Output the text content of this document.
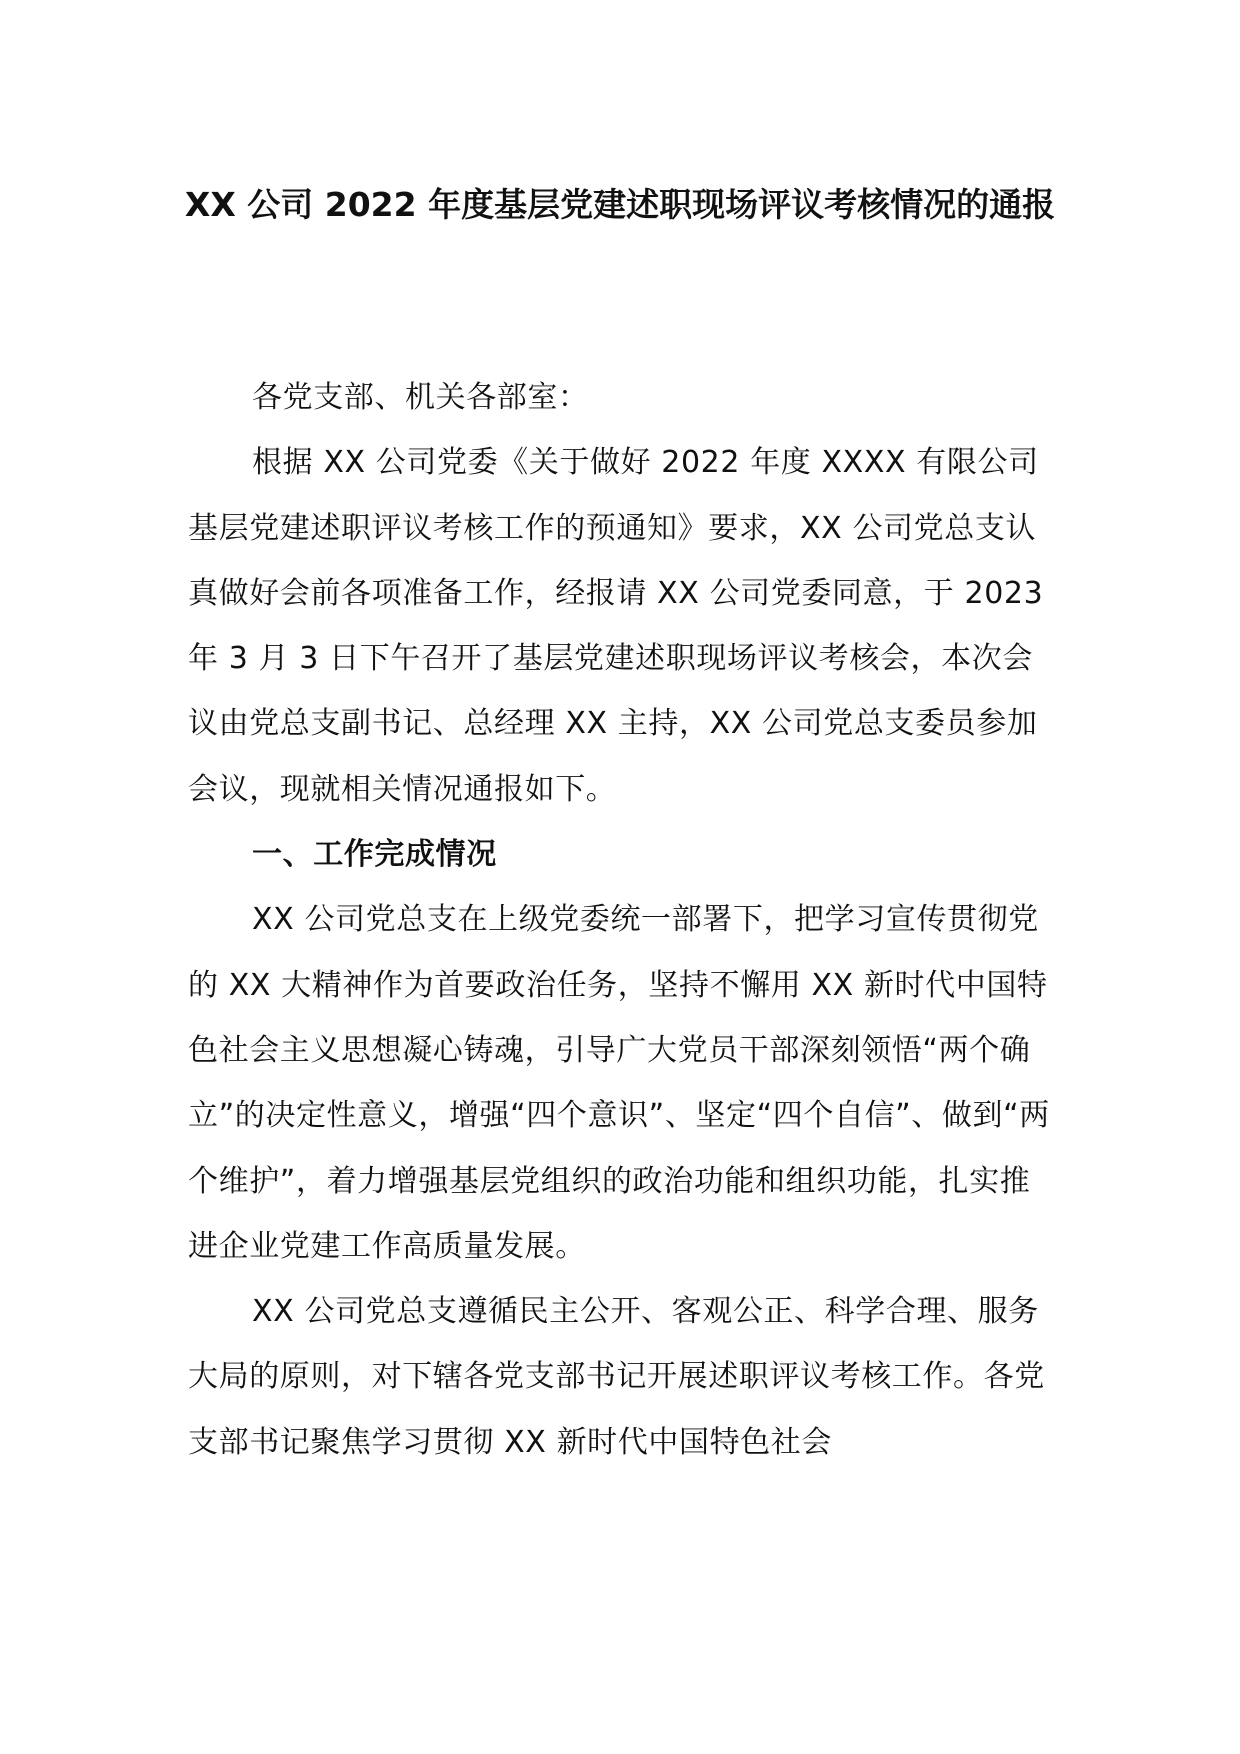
XX 公司 2022 年度基层党建述职现场评议考核情况的通报

各党支部、机关各部室：

根据 XX 公司党委《关于做好 2022 年度 XXXX 有限公司基层党建述职评议考核工作的预通知》要求，XX 公司党总支认真做好会前各项准备工作，经报请 XX 公司党委同意，于 2023 年 3 月 3 日下午召开了基层党建述职现场评议考核会，本次会议由党总支副书记、总经理 XX 主持，XX 公司党总支委员参加会议，现就相关情况通报如下。

一、工作完成情况

XX 公司党总支在上级党委统一部署下，把学习宣传贯彻党的 XX 大精神作为首要政治任务，坚持不懈用 XX 新时代中国特色社会主义思想凝心铸魂，引导广大党员干部深刻领悟“两个确立”的决定性意义，增强“四个意识”、坚定“四个自信”、做到“两个维护”，着力增强基层党组织的政治功能和组织功能，扎实推进企业党建工作高质量发展。

XX 公司党总支遵循民主公开、客观公正、科学合理、服务大局的原则，对下辖各党支部书记开展述职评议考核工作。各党支部书记聚焦学习贯彻 XX 新时代中国特色社会
